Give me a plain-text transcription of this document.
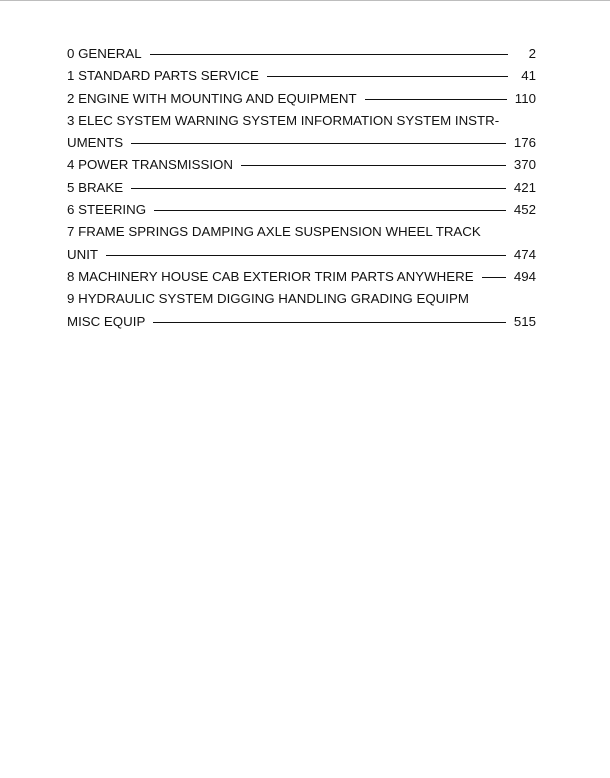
0 GENERAL	2
1 STANDARD PARTS SERVICE	41
2 ENGINE WITH MOUNTING AND EQUIPMENT	110
3 ELEC SYSTEM WARNING SYSTEM INFORMATION SYSTEM INSTR-
UMENTS	176
4 POWER TRANSMISSION	370
5 BRAKE	421
6 STEERING	452
7 FRAME SPRINGS DAMPING AXLE SUSPENSION WHEEL TRACK
UNIT	474
8 MACHINERY HOUSE CAB EXTERIOR TRIM PARTS ANYWHERE	494
9 HYDRAULIC SYSTEM DIGGING HANDLING GRADING EQUIPM
MISC EQUIP	515
